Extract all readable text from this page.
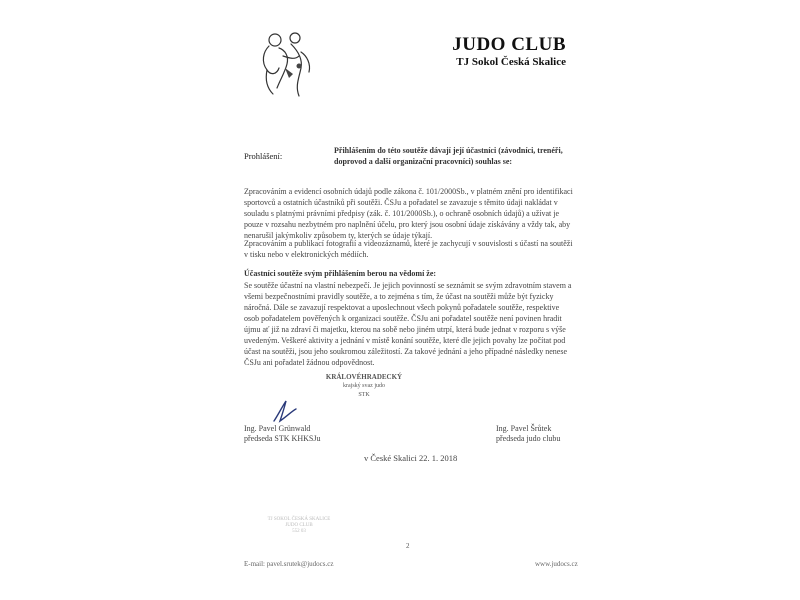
JUDO CLUB
TJ Sokol Česká Skalice
Prohlášení:
Přihlášením do této soutěže dávají její účastníci (závodníci, trenéři, doprovod a další organizační pracovníci) souhlas se:
Zpracováním a evidencí osobních údajů podle zákona č. 101/2000Sb., v platném znění pro identifikaci sportovců a ostatních účastníků při soutěži. ČSJu a pořadatel se zavazuje s těmito údaji nakládat v souladu s platnými právními předpisy (zák. č. 101/2000Sb.), o ochraně osobních údajů) a užívat je pouze v rozsahu nezbytném pro naplnění účelu, pro který jsou osobní údaje získávány a vždy tak, aby nenarušil jakýmkoliv způsobem ty, kterých se údaje týkají.
Zpracováním a publikací fotografií a videozáznamů, které je zachycují v souvislosti s účastí na soutěži v tisku nebo v elektronických médiích.
Účastníci soutěže svým přihlášením berou na vědomí že:
Se soutěže účastní na vlastní nebezpečí. Je jejich povinností se seznámit se svým zdravotním stavem a všemi bezpečnostními pravidly soutěže, a to zejména s tím, že účast na soutěži může být fyzicky náročná. Dále se zavazují respektovat a uposlechnout všech pokynů pořadatele soutěže, respektive osob pořadatelem pověřených k organizaci soutěže. ČSJu ani pořadatel soutěže není povinen hradit újmu ať již na zdraví či majetku, kterou na sobě nebo jiném utrpí, která bude jednat v rozporu s výše uvedeným. Veškeré aktivity a jednání v místě konání soutěže, které dle jejich povahy lze počítat pod účast na soutěži, jsou jeho soukromou záležitostí. Za takové jednání a jeho případné následky nenese ČSJu ani pořadatel žádnou odpovědnost.
KRÁLOVÉHRADECKÝ
krajský svaz judo
STK
Ing. Pavel Grünwald
předseda STK KHKSJu
Ing. Pavel Šrůtek
předseda judo clubu
v České Skalici 22. 1. 2018
TJ SOKOL ČESKÁ SKALICE
JUDO CLUB
552 03
2
E-mail: pavel.srutek@judocs.cz	www.judocs.cz
